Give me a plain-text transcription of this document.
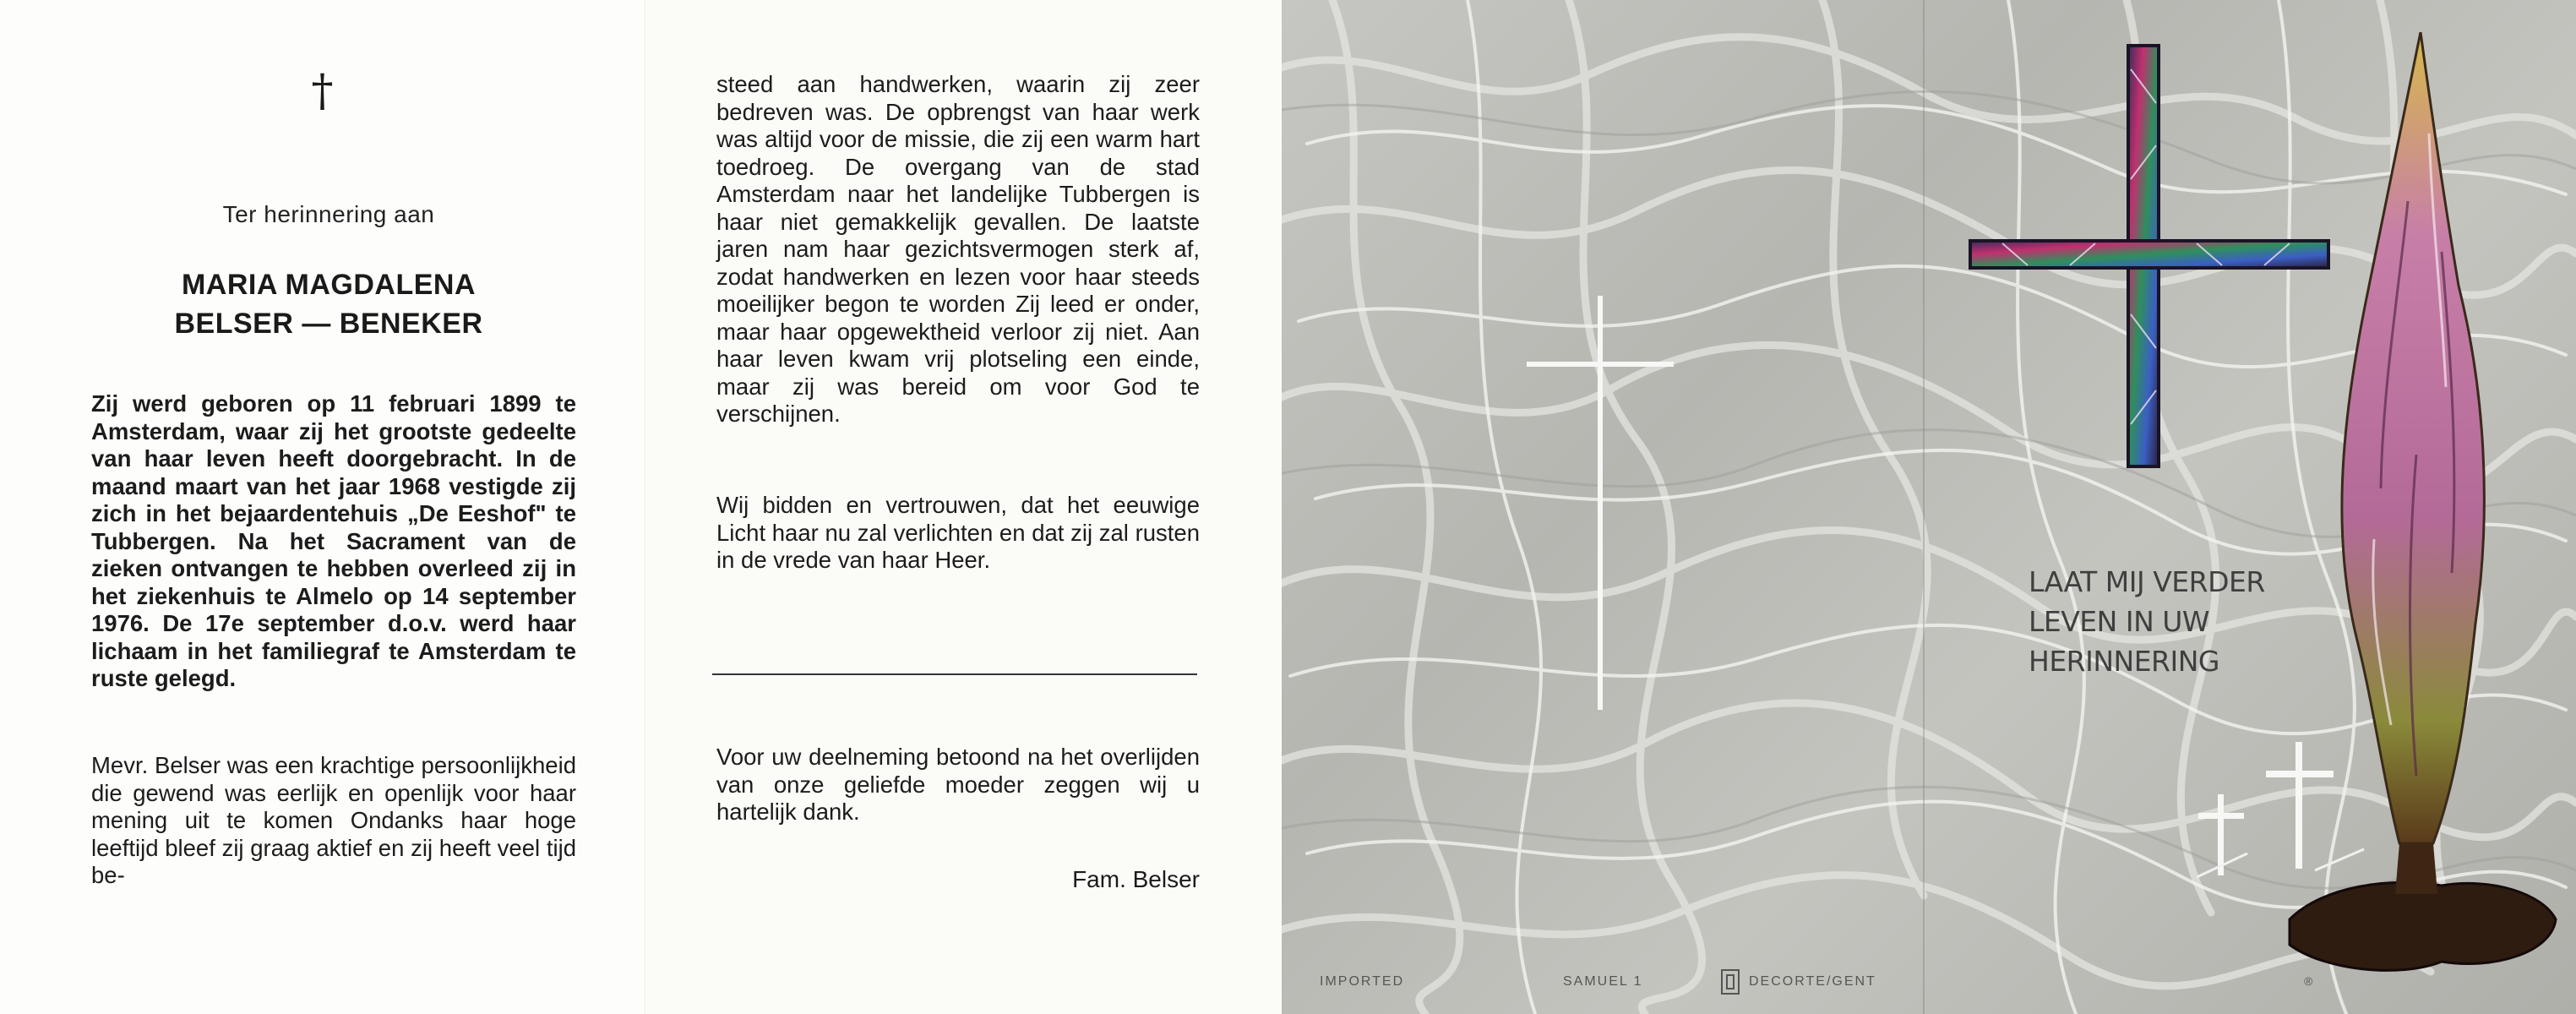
†
Ter herinnering aan
MARIA MAGDALENA
BELSER — BENEKER
Zij werd geboren op 11 februari 1899 te Amsterdam, waar zij het grootste gedeelte van haar leven heeft doorgebracht. In de maand maart van het jaar 1968 vestigde zij zich in het bejaardentehuis „De Eeshof" te Tubbergen. Na het Sacrament van de zieken ontvangen te hebben overleed zij in het ziekenhuis te Almelo op 14 september 1976. De 17e september d.o.v. werd haar lichaam in het familiegraf te Amsterdam te ruste gelegd.
Mevr. Belser was een krachtige persoonlijkheid die gewend was eerlijk en openlijk voor haar mening uit te komen Ondanks haar hoge leeftijd bleef zij graag aktief en zij heeft veel tijd be-
steed aan handwerken, waarin zij zeer bedreven was. De opbrengst van haar werk was altijd voor de missie, die zij een warm hart toedroeg. De overgang van de stad Amsterdam naar het landelijke Tubbergen is haar niet gemakkelijk gevallen. De laatste jaren nam haar gezichtsvermogen sterk af, zodat handwerken en lezen voor haar steeds moeilijker begon te worden Zij leed er onder, maar haar opgewektheid verloor zij niet. Aan haar leven kwam vrij plotseling een einde, maar zij was bereid om voor God te verschijnen.
Wij bidden en vertrouwen, dat het eeuwige Licht haar nu zal verlichten en dat zij zal rusten in de vrede van haar Heer.
Voor uw deelneming betoond na het overlijden van onze geliefde moeder zeggen wij u hartelijk dank.
Fam. Belser
LAAT MIJ VERDER
LEVEN IN UW
HERINNERING
IMPORTED	SAMUEL 1	DECORTE/GENT	®
